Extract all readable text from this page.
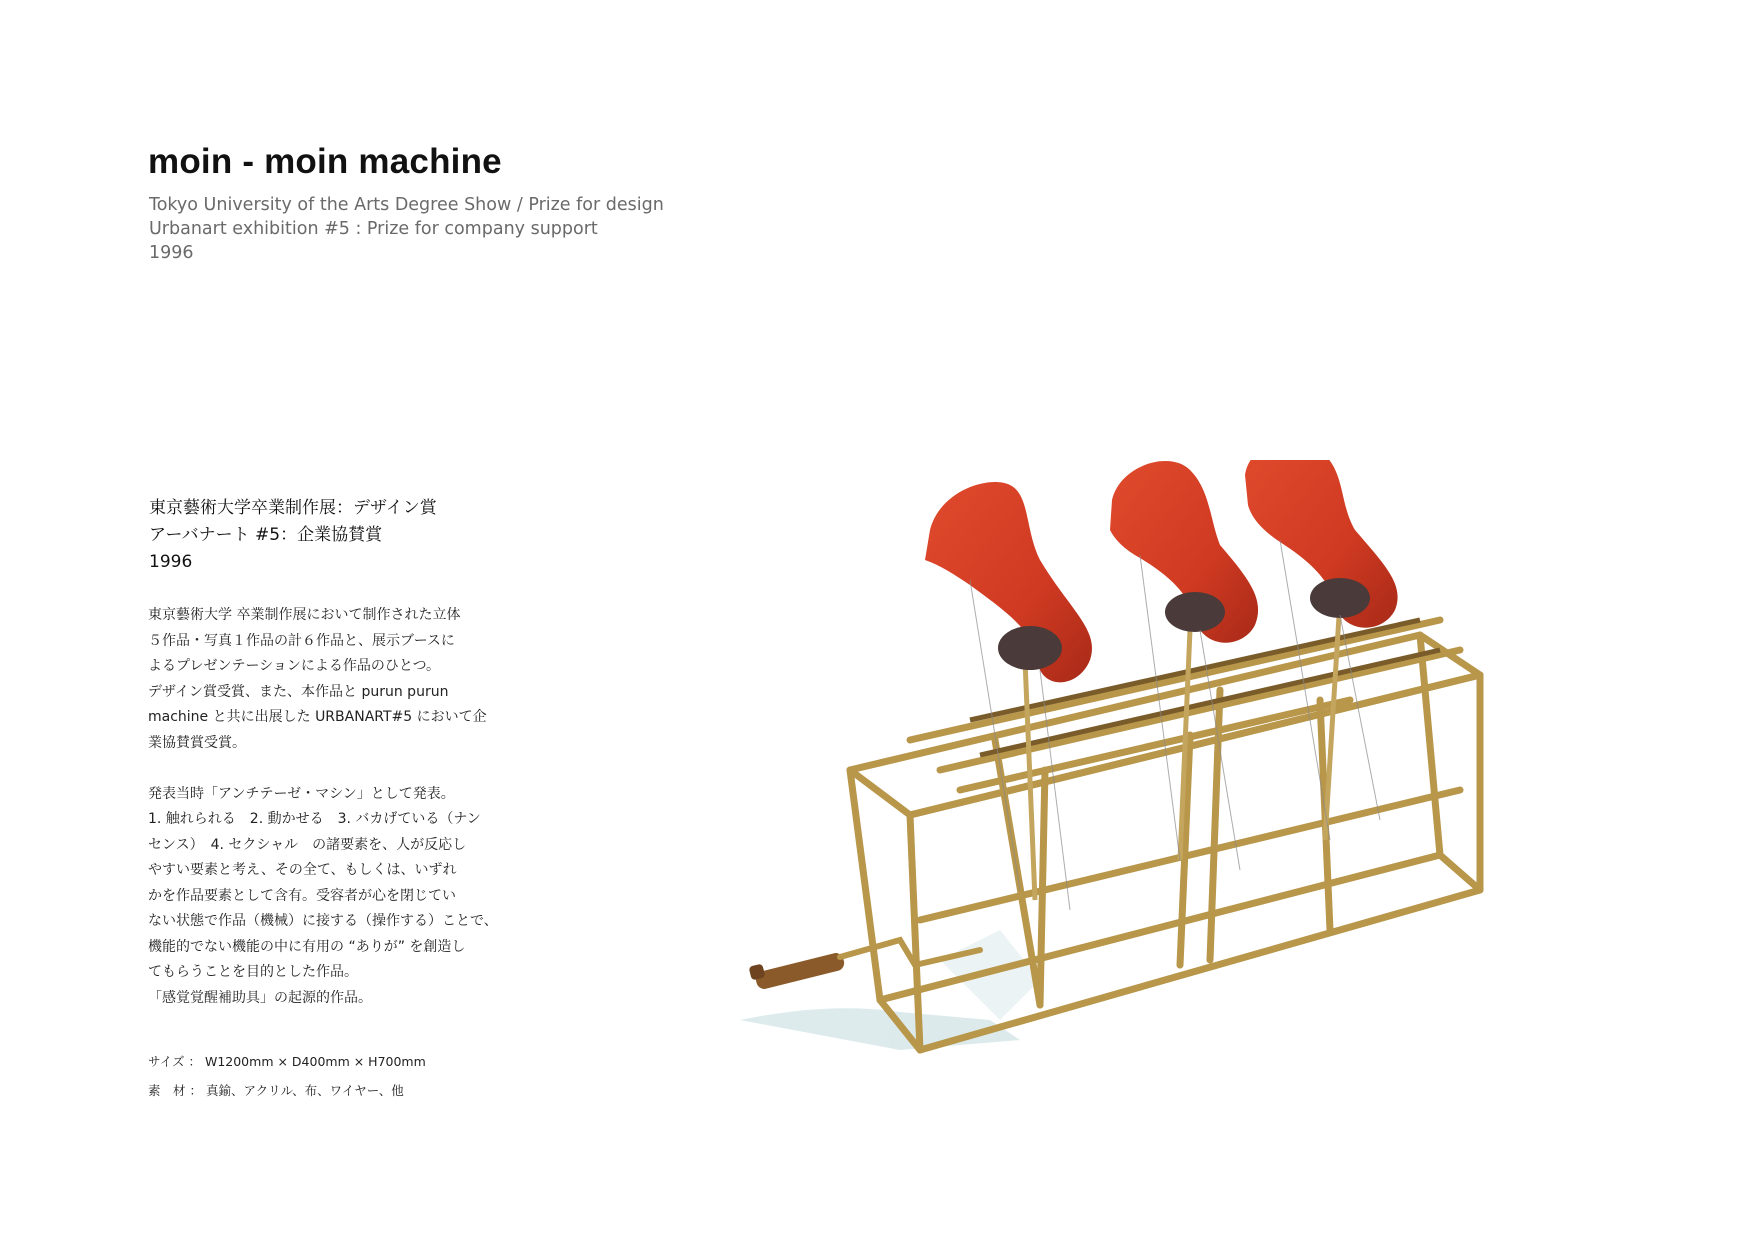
moin - moin machine
Tokyo University of the Arts Degree Show / Prize for design
Urbanart exhibition #5 : Prize for company support
1996
東京藝術大学卒業制作展：デザイン賞
アーバナート #5：企業協賛賞
1996

東京藝術大学 卒業制作展において制作された立体

５作品・写真１作品の計６作品と、展示ブースに

よるプレゼンテーションによる作品のひとつ。

デザイン賞受賞、また、本作品と purun purun

machine と共に出展した URBANART#5 において企

業協賛賞受賞。

発表当時「アンチテーゼ・マシン」として発表。

1. 触れられる　2. 動かせる　3. バカげている（ナン

センス）　4. セクシャル　の諸要素を、人が反応し

やすい要素と考え、その全て、もしくは、いずれ

かを作品要素として含有。受容者が心を閉じてい

ない状態で作品（機械）に接する（操作する）ことで、

機能的でない機能の中に有用の “ありが” を創造し

てもらうことを目的とした作品。

「感覚覚醒補助具」の起源的作品。

サイズ ： W1200mm × D400mm × H700mm
素　材 ： 真鍮、アクリル、布、ワイヤー、他
